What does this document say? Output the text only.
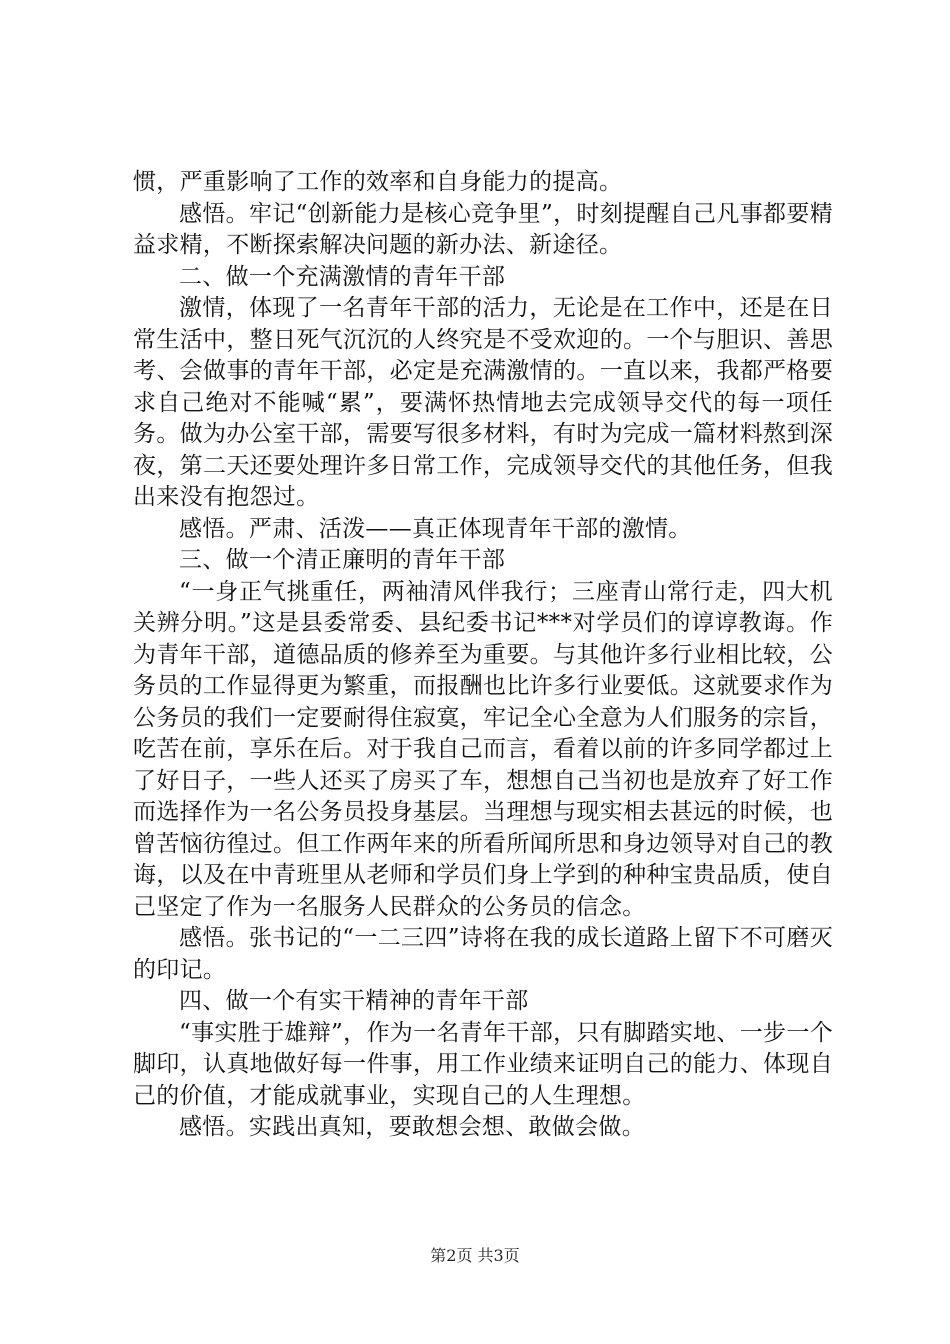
惯，严重影响了工作的效率和自身能力的提高。

感悟。牢记“创新能力是核心竞争里”，时刻提醒自己凡事都要精益求精，不断探索解决问题的新办法、新途径。

二、做一个充满激情的青年干部

激情，体现了一名青年干部的活力，无论是在工作中，还是在日常生活中，整日死气沉沉的人终究是不受欢迎的。一个与胆识、善思考、会做事的青年干部，必定是充满激情的。一直以来，我都严格要求自己绝对不能喊“累”，要满怀热情地去完成领导交代的每一项任务。做为办公室干部，需要写很多材料，有时为完成一篇材料熬到深夜，第二天还要处理许多日常工作，完成领导交代的其他任务，但我出来没有抱怨过。

感悟。严肃、活泼——真正体现青年干部的激情。

三、做一个清正廉明的青年干部

“一身正气挑重任，两袖清风伴我行；三座青山常行走，四大机关辨分明。”这是县委常委、县纪委书记***对学员们的谆谆教诲。作为青年干部，道德品质的修养至为重要。与其他许多行业相比较，公务员的工作显得更为繁重，而报酬也比许多行业要低。这就要求作为公务员的我们一定要耐得住寂寞，牢记全心全意为人们服务的宗旨，吃苦在前，享乐在后。对于我自己而言，看着以前的许多同学都过上了好日子，一些人还买了房买了车，想想自己当初也是放弃了好工作而选择作为一名公务员投身基层。当理想与现实相去甚远的时候，也曾苦恼彷徨过。但工作两年来的所看所闻所思和身边领导对自己的教诲，以及在中青班里从老师和学员们身上学到的种种宝贵品质，使自己坚定了作为一名服务人民群众的公务员的信念。

感悟。张书记的“一二三四”诗将在我的成长道路上留下不可磨灭的印记。

四、做一个有实干精神的青年干部

“事实胜于雄辩”，作为一名青年干部，只有脚踏实地、一步一个脚印，认真地做好每一件事，用工作业绩来证明自己的能力、体现自己的价值，才能成就事业，实现自己的人生理想。

感悟。实践出真知，要敢想会想、敢做会做。

第2页 共3页
